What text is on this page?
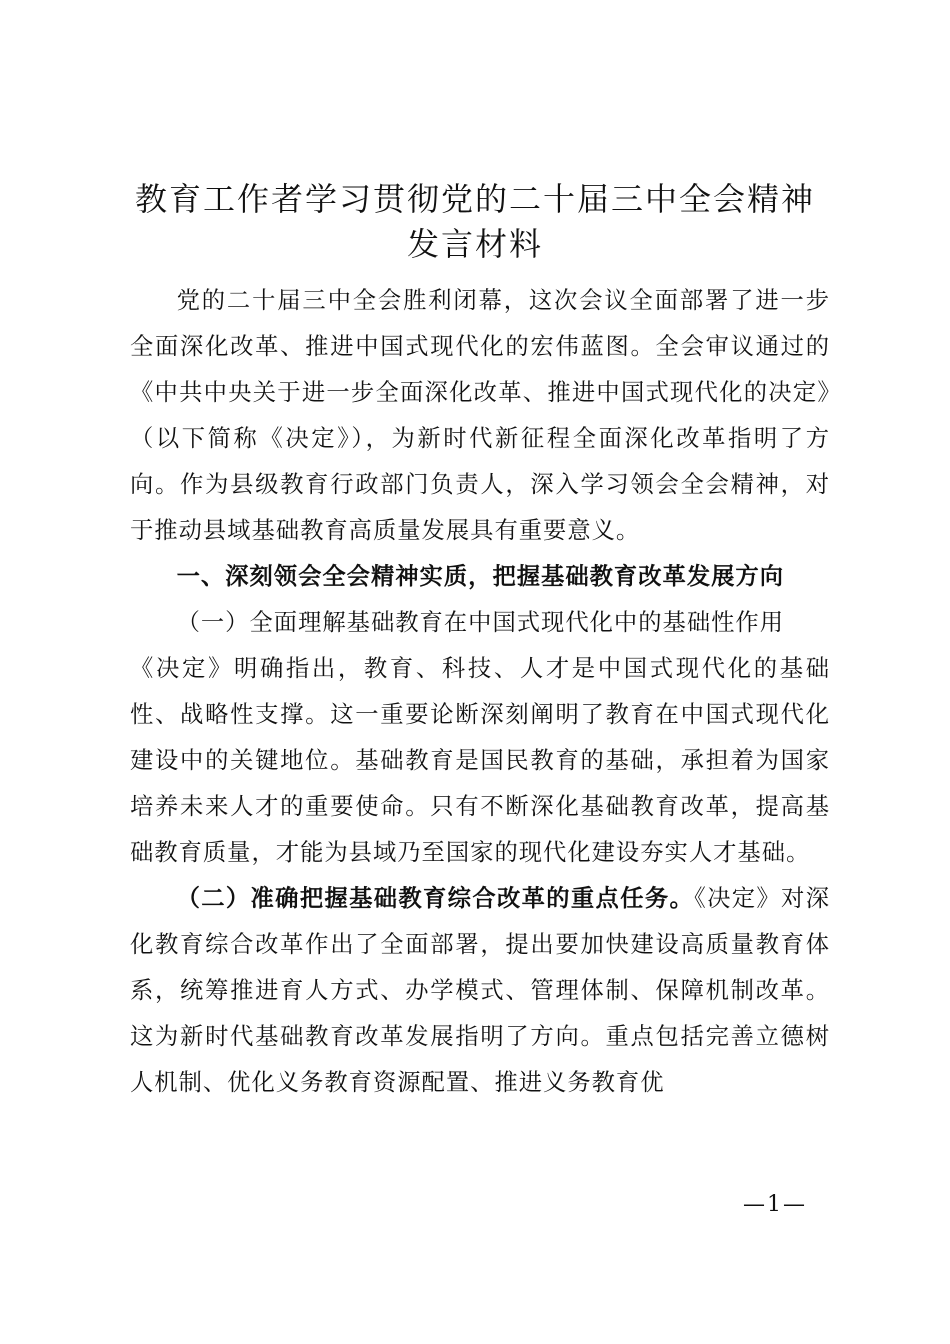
教育工作者学习贯彻党的二十届三中全会精神
发言材料

党的二十届三中全会胜利闭幕，这次会议全面部署了进一步全面深化改革、推进中国式现代化的宏伟蓝图。全会审议通过的《中共中央关于进一步全面深化改革、推进中国式现代化的决定》（以下简称《决定》），为新时代新征程全面深化改革指明了方向。作为县级教育行政部门负责人，深入学习领会全会精神，对于推动县域基础教育高质量发展具有重要意义。

一、深刻领会全会精神实质，把握基础教育改革发展方向

（一）全面理解基础教育在中国式现代化中的基础性作用

《决定》明确指出，教育、科技、人才是中国式现代化的基础性、战略性支撑。这一重要论断深刻阐明了教育在中国式现代化建设中的关键地位。基础教育是国民教育的基础，承担着为国家培养未来人才的重要使命。只有不断深化基础教育改革，提高基础教育质量，才能为县域乃至国家的现代化建设夯实人才基础。

（二）准确把握基础教育综合改革的重点任务。《决定》对深化教育综合改革作出了全面部署，提出要加快建设高质量教育体系，统筹推进育人方式、办学模式、管理体制、保障机制改革。这为新时代基础教育改革发展指明了方向。重点包括完善立德树人机制、优化义务教育资源配置、推进义务教育优

—1—
